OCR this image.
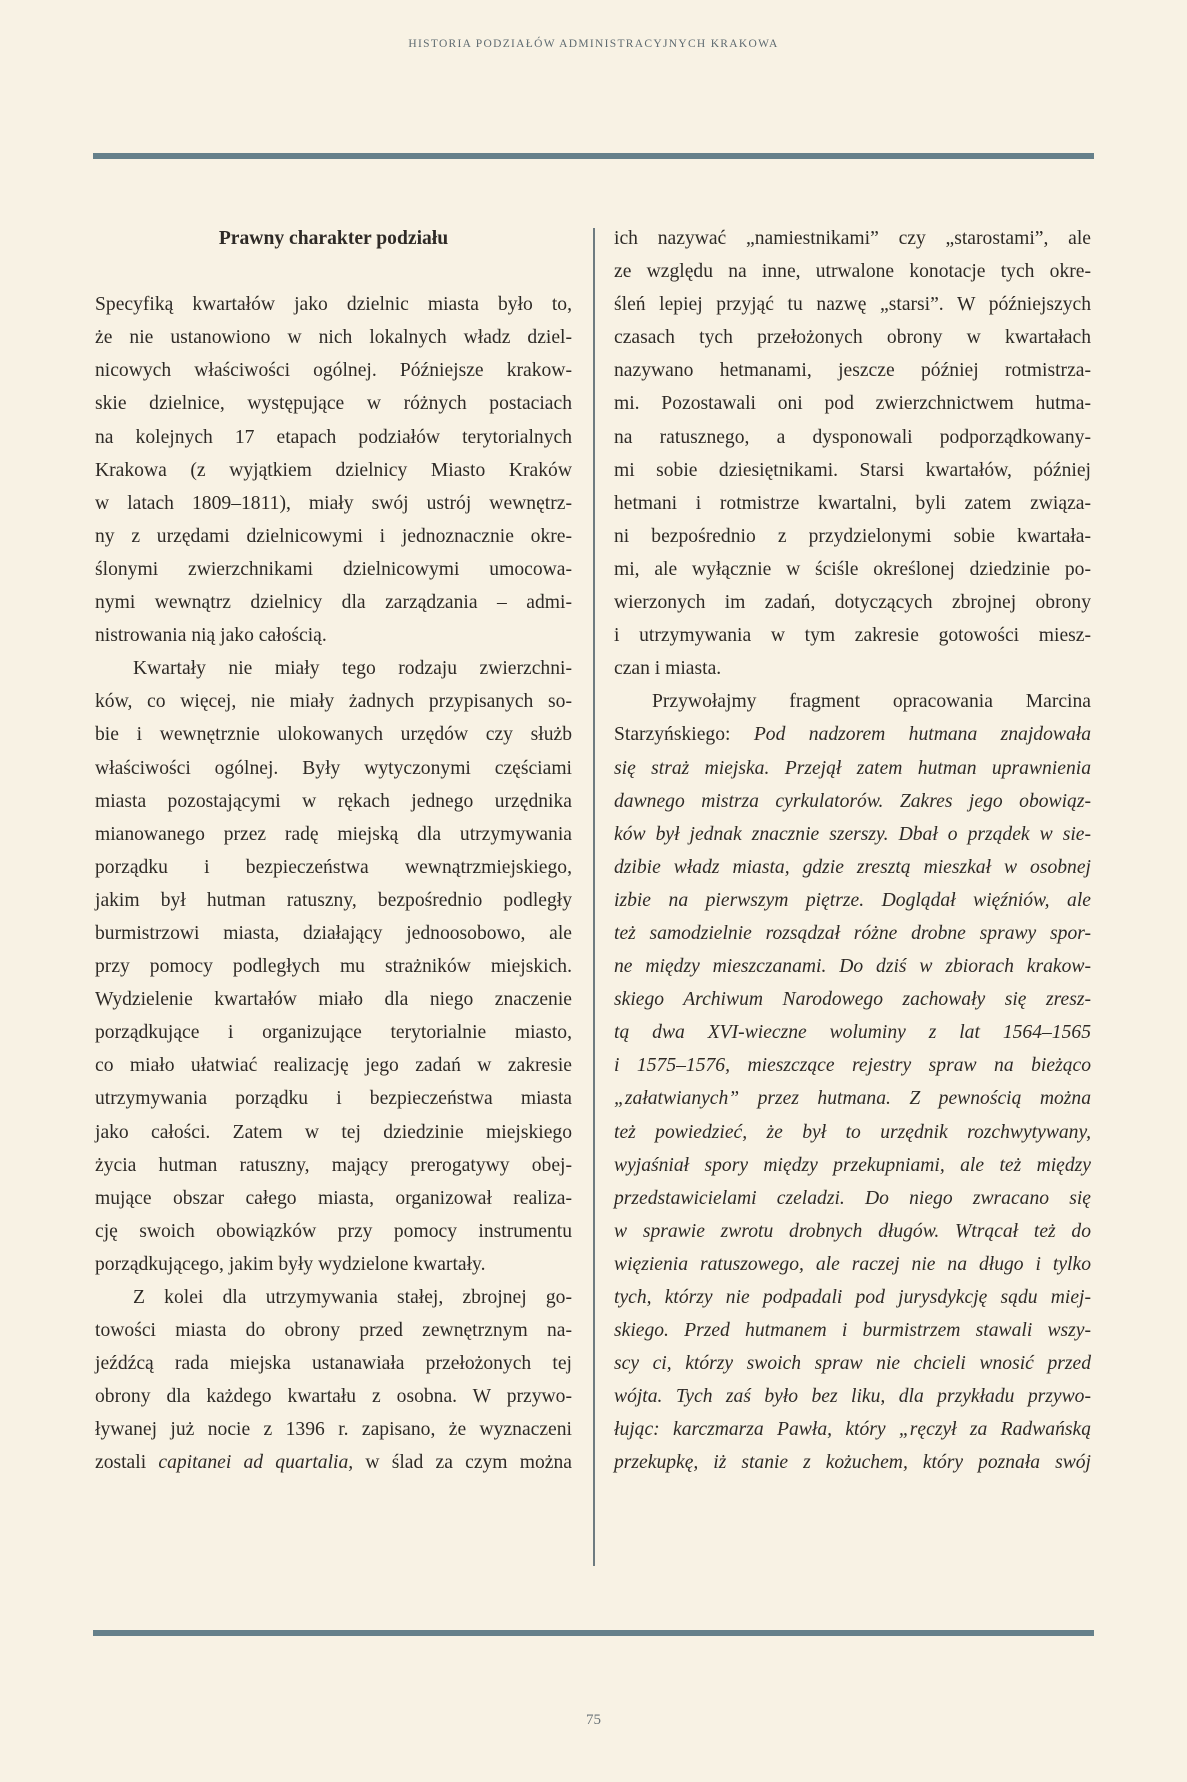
HISTORIA PODZIAŁÓW ADMINISTRACYJNYCH KRAKOWA
Prawny charakter podziału
Specyfiką kwartałów jako dzielnic miasta było to,
że nie ustanowiono w nich lokalnych władz dziel-
nicowych właściwości ogólnej. Późniejsze krakow-
skie dzielnice, występujące w różnych postaciach
na kolejnych 17 etapach podziałów terytorialnych
Krakowa (z wyjątkiem dzielnicy Miasto Kraków
w latach 1809–1811), miały swój ustrój wewnętrz-
ny z urzędami dzielnicowymi i jednoznacznie okre-
ślonymi zwierzchnikami dzielnicowymi umocowa-
nymi wewnątrz dzielnicy dla zarządzania – admi-
nistrowania nią jako całością.
Kwartały nie miały tego rodzaju zwierzchni-
ków, co więcej, nie miały żadnych przypisanych so-
bie i wewnętrznie ulokowanych urzędów czy służb
właściwości ogólnej. Były wytyczonymi częściami
miasta pozostającymi w rękach jednego urzędnika
mianowanego przez radę miejską dla utrzymywania
porządku i bezpieczeństwa wewnątrzmiejskiego,
jakim był hutman ratuszny, bezpośrednio podległy
burmistrzowi miasta, działający jednoosobowo, ale
przy pomocy podległych mu strażników miejskich.
Wydzielenie kwartałów miało dla niego znaczenie
porządkujące i organizujące terytorialnie miasto,
co miało ułatwiać realizację jego zadań w zakresie
utrzymywania porządku i bezpieczeństwa miasta
jako całości. Zatem w tej dziedzinie miejskiego
życia hutman ratuszny, mający prerogatywy obej-
mujące obszar całego miasta, organizował realiza-
cję swoich obowiązków przy pomocy instrumentu
porządkującego, jakim były wydzielone kwartały.
Z kolei dla utrzymywania stałej, zbrojnej go-
towości miasta do obrony przed zewnętrznym na-
jeźdźcą rada miejska ustanawiała przełożonych tej
obrony dla każdego kwartału z osobna. W przywo-
ływanej już nocie z 1396 r. zapisano, że wyznaczeni
zostali capitanei ad quartalia, w ślad za czym można
ich nazywać „namiestnikami” czy „starostami”, ale
ze względu na inne, utrwalone konotacje tych okre-
śleń lepiej przyjąć tu nazwę „starsi”. W późniejszych
czasach tych przełożonych obrony w kwartałach
nazywano hetmanami, jeszcze później rotmistrza-
mi. Pozostawali oni pod zwierzchnictwem hutma-
na ratusznego, a dysponowali podporządkowany-
mi sobie dziesiętnikami. Starsi kwartałów, później
hetmani i rotmistrze kwartalni, byli zatem związa-
ni bezpośrednio z przydzielonymi sobie kwartała-
mi, ale wyłącznie w ściśle określonej dziedzinie po-
wierzonych im zadań, dotyczących zbrojnej obrony
i utrzymywania w tym zakresie gotowości miesz-
czan i miasta.
Przywołajmy fragment opracowania Marcina
Starzyńskiego: Pod nadzorem hutmana znajdowała
się straż miejska. Przejął zatem hutman uprawnienia
dawnego mistrza cyrkulatorów. Zakres jego obowiąz-
ków był jednak znacznie szerszy. Dbał o prządek w sie-
dzibie władz miasta, gdzie zresztą mieszkał w osobnej
izbie na pierwszym piętrze. Doglądał więźniów, ale
też samodzielnie rozsądzał różne drobne sprawy spor-
ne między mieszczanami. Do dziś w zbiorach krakow-
skiego Archiwum Narodowego zachowały się zresz-
tą dwa XVI-wieczne woluminy z lat 1564–1565
i 1575–1576, mieszczące rejestry spraw na bieżąco
„załatwianych” przez hutmana. Z pewnością można
też powiedzieć, że był to urzędnik rozchwytywany,
wyjaśniał spory między przekupniami, ale też między
przedstawicielami czeladzi. Do niego zwracano się
w sprawie zwrotu drobnych długów. Wtrącał też do
więzienia ratuszowego, ale raczej nie na długo i tylko
tych, którzy nie podpadali pod jurysdykcję sądu miej-
skiego. Przed hutmanem i burmistrzem stawali wszy-
scy ci, którzy swoich spraw nie chcieli wnosić przed
wójta. Tych zaś było bez liku, dla przykładu przywo-
łując: karczmarza Pawła, który „ręczył za Radwańską
przekupkę, iż stanie z kożuchem, który poznała swój
75
